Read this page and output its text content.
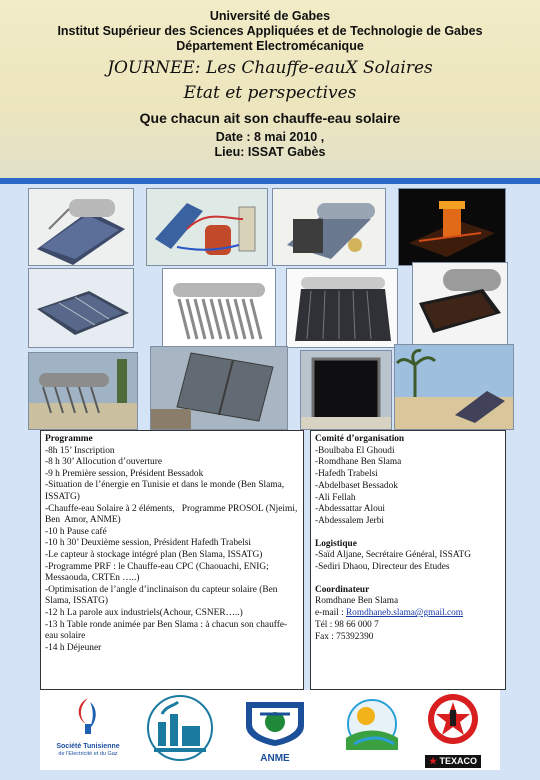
Université de Gabes
Institut Supérieur des Sciences Appliquées et de Technologie de Gabes
Département Electromécanique
JOURNEE: Les Chauffe-eauX Solaires
Etat et perspectives
Que chacun ait son chauffe-eau solaire
Date : 8 mai 2010 ,
Lieu: ISSAT Gabès
Programme
-8h 15’ Inscription
-8 h 30’ Allocution d’ouverture
-9 h Première session, Président Bessadok
-Situation de l’énergie en Tunisie et dans le monde (Ben Slama, ISSATG)
-Chauffe-eau Solaire à 2 éléments,   Programme PROSOL (Njeimi, Ben  Amor, ANME)
-10 h Pause café
-10 h 30’ Deuxième session, Président Hafedh Trabelsi
-Le capteur à stockage intégré plan (Ben Slama, ISSATG)
-Programme PRF : le Chauffe-eau CPC (Chaouachi, ENIG; Messaouda, CRTEn …..)
-Optimisation de l’angle d’inclinaison du capteur solaire (Ben Slama, ISSATG)
-12 h La parole aux industriels(Achour, CSNER…..)
-13 h Table ronde animée par Ben Slama : à chacun son chauffe-eau solaire
-14 h Déjeuner
Comité d’organisation
-Boulbaba El Ghoudi
-Romdhane Ben Slama
-Hafedh Trabelsi
-Abdelbaset Bessadok
-Ali Fellah
-Abdessattar Aloui
-Abdessalem Jerbi
Logistique
-Saïd Aljane, Secrétaire Général, ISSATG
-Sediri Dhaou, Directeur des Etudes
Coordinateur
Romdhane Ben Slama
e-mail : Romdhaneb.slama@gmail.com
Tél : 98 66 000 7
Fax : 75392390
Société Tunisienne
de l'Electricité et du Gaz	ANME	★ TEXACO
